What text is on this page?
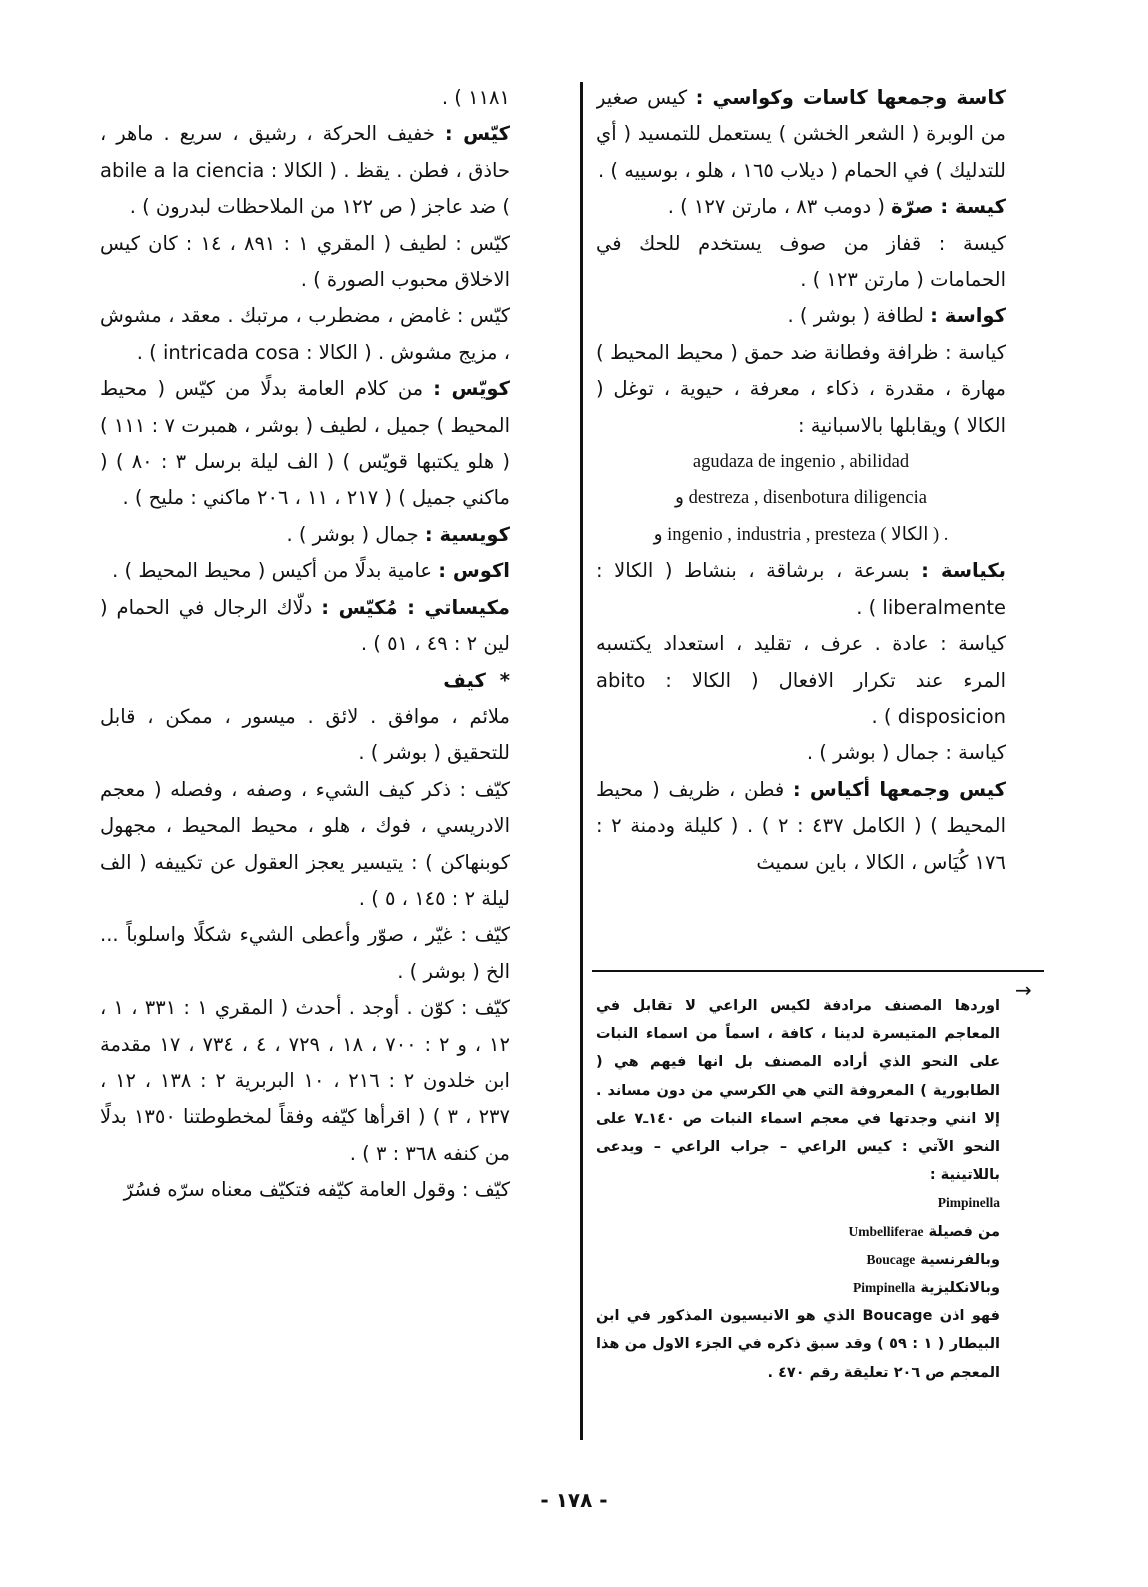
كاسة وجمعها كاسات وكواسي : كيس صغير من الوبرة ( الشعر الخشن ) يستعمل للتمسيد ( أي للتدليك ) في الحمام ( ديلاب ١٦٥ ، هلو ، بوسييه ) .

كيسة : صرّة ( دومب ٨٣ ، مارتن ١٢٧ ) .

كيسة : قفاز من صوف يستخدم للحك في الحمامات ( مارتن ١٢٣ ) .

كواسة : لطافة ( بوشر ) .

كياسة : ظرافة وفطانة ضد حمق ( محيط المحيط ) مهارة ، مقدرة ، ذكاء ، معرفة ، حيوية ، توغل ( الكالا ) ويقابلها بالاسبانية :

agudaza de ingenio , abilidad

و destreza , disenbotura diligencia

و ingenio , industria , presteza ( الكالا ) .

بكياسة : بسرعة ، برشاقة ، بنشاط ( الكالا : liberalmente ) .

كياسة : عادة . عرف ، تقليد ، استعداد يكتسبه المرء عند تكرار الافعال ( الكالا : abito disposicion ) .

كياسة : جمال ( بوشر ) .

كيس وجمعها أكياس : فطن ، ظريف ( محيط المحيط ) ( الكامل ٤٣٧ : ٢ ) . ( كليلة ودمنة ٢ : ١٧٦ كُيَاس ، الكالا ، باين سميث

١١٨١ ) .

كيّس : خفيف الحركة ، رشيق ، سريع . ماهر ، حاذق ، فطن . يقظ . ( الكالا : abile a la ciencia ) ضد عاجز ( ص ١٢٢ من الملاحظات لبدرون ) .

كيّس : لطيف ( المقري ١ : ٨٩١ ، ١٤ : كان كيس الاخلاق محبوب الصورة ) .

كيّس : غامض ، مضطرب ، مرتبك . معقد ، مشوش ، مزيج مشوش . ( الكالا : intricada cosa ) .

كويّس : من كلام العامة بدلًا من كيّس ( محيط المحيط ) جميل ، لطيف ( بوشر ، همبرت ٧ : ١١١ ) ( هلو يكتبها قويّس ) ( الف ليلة برسل ٣ : ٨٠ ) ( ماكني جميل ) ( ٢١٧ ، ١١ ، ٢٠٦ ماكني : مليح ) .

كويسية : جمال ( بوشر ) .

اكوس : عامية بدلًا من أكيس ( محيط المحيط ) .

مكيساتي : مُكيّس : دلّاك الرجال في الحمام ( لين ٢ : ٤٩ ، ٥١ ) .

*كيف

ملائم ، موافق . لائق . ميسور ، ممكن ، قابل للتحقيق ( بوشر ) .

كيّف : ذكر كيف الشيء ، وصفه ، وفصله ( معجم الادريسي ، فوك ، هلو ، محيط المحيط ، مجهول كوبنهاكن ) : يتيسير يعجز العقول عن تكييفه ( الف ليلة ٢ : ١٤٥ ، ٥ ) .

كيّف : غيّر ، صوّر وأعطى الشيء شكلًا واسلوباً ... الخ ( بوشر ) .

كيّف : كوّن . أوجد . أحدث ( المقري ١ : ٣٣١ ، ١ ، ١٢ ، و ٢ : ٧٠٠ ، ١٨ ، ٧٢٩ ، ٤ ، ٧٣٤ ، ١٧ مقدمة ابن خلدون ٢ : ٢١٦ ، ١٠ البربرية ٢ : ١٣٨ ، ١٢ ، ٢٣٧ ، ٣ ) ( اقرأها كيّفه وفقاً لمخطوطتنا ١٣٥٠ بدلًا من كنفه ٣٦٨ : ٣ ) .

كيّف : وقول العامة كيّفه فتكيّف معناه سرّه فسُرّ

→

اوردها المصنف مرادفة لكيس الراعي لا تقابل في المعاجم المتيسرة لدينا ، كافة ، اسماً من اسماء النبات على النحو الذي أراده المصنف بل انها فيهم هي ( الطابورية ) المعروفة التي هي الكرسي من دون مساند . إلا انني وجدتها في معجم اسماء النبات ص ١٤٠ـ٧ على النحو الآتي : كيس الراعي – جراب الراعي – ويدعى باللاتينية :

Pimpinella

من فصيلة Umbelliferae

وبالفرنسية Boucage

وبالانكليزية Pimpinella

فهو اذن Boucage الذي هو الانيسيون المذكور في ابن البيطار ( ١ : ٥٩ ) وقد سبق ذكره في الجزء الاول من هذا المعجم ص ٢٠٦ تعليقة رقم ٤٧٠ .

- ١٧٨ -
